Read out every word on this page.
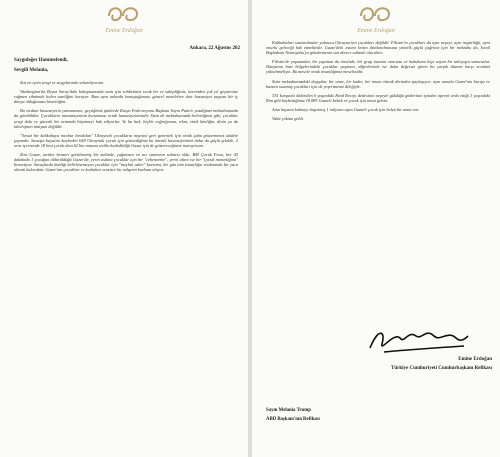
Emine Erdoğan
Ankara, 22 Ağustos 202
Saygıdeğer Hanımefendi,
Sevgili Melania,

Sizi en içten sevgi ve saygılarımla selamlıyorum.

Washington'da Beyaz Saray'daki buluşmamızda sizin için sohbetimiz sıcak bir ev sahipliğiniz, üzerinden çok yıl geçmesine rağmen zihnimde halen tazeliğini koruyor. Bazı aynı anlarda konuştuğumuz, güncel meselelere dair hassasiyet taşıyan bir iç dünya olduğunuzu hissettiğim.

Bu vicdani hassasiyetin yansımasını, geçtiğimiz günlerde Rusya Federasyonu Başkanı Sayın Putin'e yazdığınız mektubunuzda da görebildim. Çocukların masumiyetinin korunması ortak hassasiyetimizdir. Sizin de mektubunuzda belirttiğiniz gibi, çocuklar sevgi dolu ve güvenli bir ortamda büyümeyi hak ediyorlar. Ve bu hak, hiçbir coğrafyanın, ırkın, etnik kimliğin, dinin ya da ideolojinin imtiyazı değildir.

"Sessiz bir kahkahaya mecbur bırakılan" Ukraynalı çocukların neşesini geri getirmek için ortak çaba göstermeniz takdire şayandır. Savaşta hayatını kaybeden 648 Ukraynalı çocuk için gösterdiğiniz bu önemli hassasiyetinizi daha da güçlü şekilde, 2 sene içerisinde 18 bini çocuk olan 62 bin masum sivilin katledildiği Gazze için de göstereceğinize inanıyorum.

Zira Gazze, tarihte benzeri görülmemiş bir zulümle, çağımızın en acı sınavının sahnesi oldu. BM Çocuk Fonu, her 45 dakikada 1 çocuğun öldürüldüğü Gazze'de, yerin üstünü çocuklar için bir "cehenneme", yerin altını ise bir "çocuk mezarlığına" benzetiyor. Savaşlarda kimliği belirlenemeyen çocuklar için "meçhul asker" kavramı, bir gün tüm insanlığın vicdanında bir yara olarak kalacaktır. Gazze'nin çocukları ve kadınları sessizce bu vahşetin kurbanı oluyor.

Emine Erdoğan

Kahkahaları susturulanlar yalnızca Ukrayna'nın çocukları değildir. Filistin'in çocukları da aynı neşeyi, aynı özgürlüğü, aynı onurlu geleceği hak etmektedir. Gazze'deki insani krizin durdurulmasına yönelik güçlü çağrınız için bir mektubu da, İsrail Başbakanı Netanyahu'ya göndermeniz son derece anlamlı olacaktır.

Filistin'de yaşananlar, bir yaşamın da ötesinde, bir grup insanın onurunu ve hukukunu hiçe sayan bir anlayışın sonucudur. Dünyanın bazı bölgelerindeki çocuklar yaşamın, diğerlerinde ise daha değersiz gören bu çarpık düzene karşı sesimizi yükseltmeliyiz. Bu mesele ortak insanlığımız meselesidir.

Sizin mektubunuzdaki duygular, bir anne, bir kadın, bir insan olarak derinden paylaşıyor; aynı umudu Gazze'nin barışa ve huzura susamış çocukları için de yeşertmeniz dileğiyle.

335 kurşunla öldürülen 6 yaşındaki Hind Recep, dedesinin neşeyle güldüğü gözlerinin içinden öperek veda ettiği 3 yaşındaki Rim gibi kaybettiğimiz 18.885 Gazzeli bebek ve çocuk için umut gelsin.

Ama hayatta kalmayı başarmış 1 milyonu aşan Gazzeli çocuk için halen bir umut var.

Vakit çoktan geldi.

Emine Erdoğan
Türkiye Cumhuriyeti Cumhurbaşkanı Refikası
Sayın Melania Trump
ABD Başkanı'nın Refikası
